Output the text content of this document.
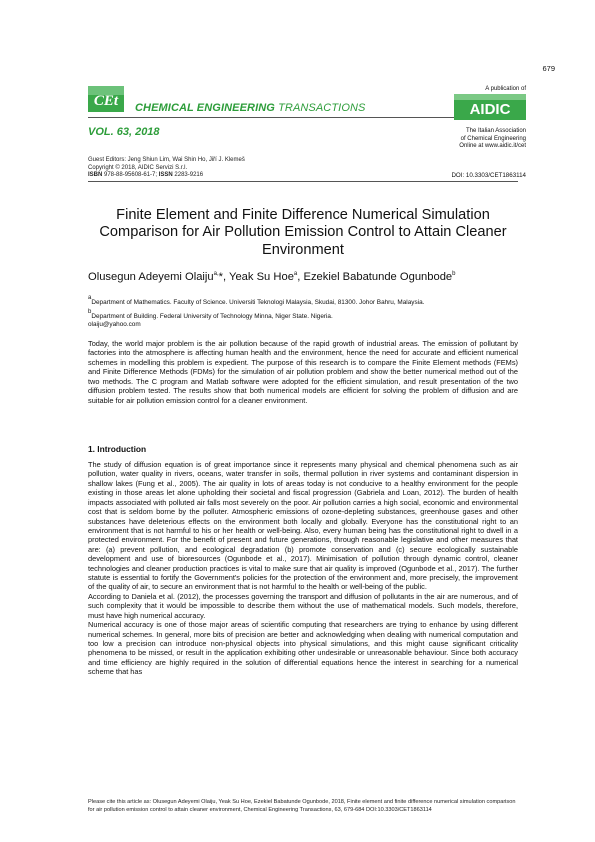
679
CEt CHEMICAL ENGINEERING TRANSACTIONS
VOL. 63, 2018
A publication of
AIDIC
The Italian Association
of Chemical Engineering
Online at www.aidic.it/cet
Guest Editors: Jeng Shiun Lim, Wai Shin Ho, Jiří J. Klemeš
Copyright © 2018, AIDIC Servizi S.r.l.
ISBN 978-88-95608-61-7; ISSN 2283-9216	DOI: 10.3303/CET1863114
Finite Element and Finite Difference Numerical Simulation Comparison for Air Pollution Emission Control to Attain Cleaner Environment
Olusegun Adeyemi Olaiju$^{a,}$*, Yeak Su Hoe$^a$, Ezekiel Babatunde Ogunbode$^b$
aDepartment of Mathematics. Faculty of Science. Universiti Teknologi Malaysia, Skudai, 81300. Johor Bahru, Malaysia.
bDepartment of Building. Federal University of Technology Minna, Niger State. Nigeria.
olaiju@yahoo.com
Today, the world major problem is the air pollution because of the rapid growth of industrial areas. The emission of pollutant by factories into the atmosphere is affecting human health and the environment, hence the need for accurate and efficient numerical schemes in modelling this problem is expedient. The purpose of this research is to compare the Finite Element methods (FEMs) and Finite Difference Methods (FDMs) for the simulation of air pollution problem and show the better numerical method out of the two methods. The C program and Matlab software were adopted for the efficient simulation, and result presentation of the two diffusion problem tested. The results show that both numerical models are efficient for solving the problem of diffusion and are suitable for air pollution emission control for a cleaner environment.
1. Introduction

The study of diffusion equation is of great importance since it represents many physical and chemical phenomena such as air pollution, water quality in rivers, oceans, water transfer in soils, thermal pollution in river systems and contaminant dispersion in shallow lakes (Fung et al., 2005). The air quality in lots of areas today is not conducive to a healthy environment for the people existing in those areas let alone upholding their societal and fiscal progression (Gabriela and Loan, 2012). The burden of health impacts associated with polluted air falls most severely on the poor. Air pollution carries a high social, economic and environmental cost that is seldom borne by the polluter. Atmospheric emissions of ozone-depleting substances, greenhouse gases and other substances have deleterious effects on the environment both locally and globally. Everyone has the constitutional right to an environment that is not harmful to his or her health or well-being. Also, every human being has the constitutional right to dwell in a protected environment. For the benefit of present and future generations, through reasonable legislative and other measures that are: (a) prevent pollution, and ecological degradation (b) promote conservation and (c) secure ecologically sustainable development and use of bioresources (Ogunbode et al., 2017). Minimisation of pollution through dynamic control, cleaner technologies and cleaner production practices is vital to make sure that air quality is improved (Ogunbode et al., 2017). The further statute is essential to fortify the Government's policies for the protection of the environment and, more precisely, the improvement of the quality of air, to secure an environment that is not harmful to the health or well-being of the public.

According to Daniela et al. (2012), the processes governing the transport and diffusion of pollutants in the air are numerous, and of such complexity that it would be impossible to describe them without the use of mathematical models. Such models, therefore, must have high numerical accuracy.

Numerical accuracy is one of those major areas of scientific computing that researchers are trying to enhance by using different numerical schemes. In general, more bits of precision are better and acknowledging when dealing with numerical computation and too low a precision can introduce non-physical objects into physical simulations, and this might cause significant criticality phenomena to be missed, or result in the application exhibiting other undesirable or unreasonable behaviour. Since both accuracy and time efficiency are highly required in the solution of differential equations hence the interest in searching for a numerical scheme that has

Please cite this article as: Olusegun Adeyemi Olaiju, Yeak Su Hoe, Ezekiel Babatunde Ogunbode, 2018, Finite element and finite difference numerical simulation comparison for air pollution emission control to attain cleaner environment, Chemical Engineering Transactions, 63, 679-684 DOI:10.3303/CET1863114
